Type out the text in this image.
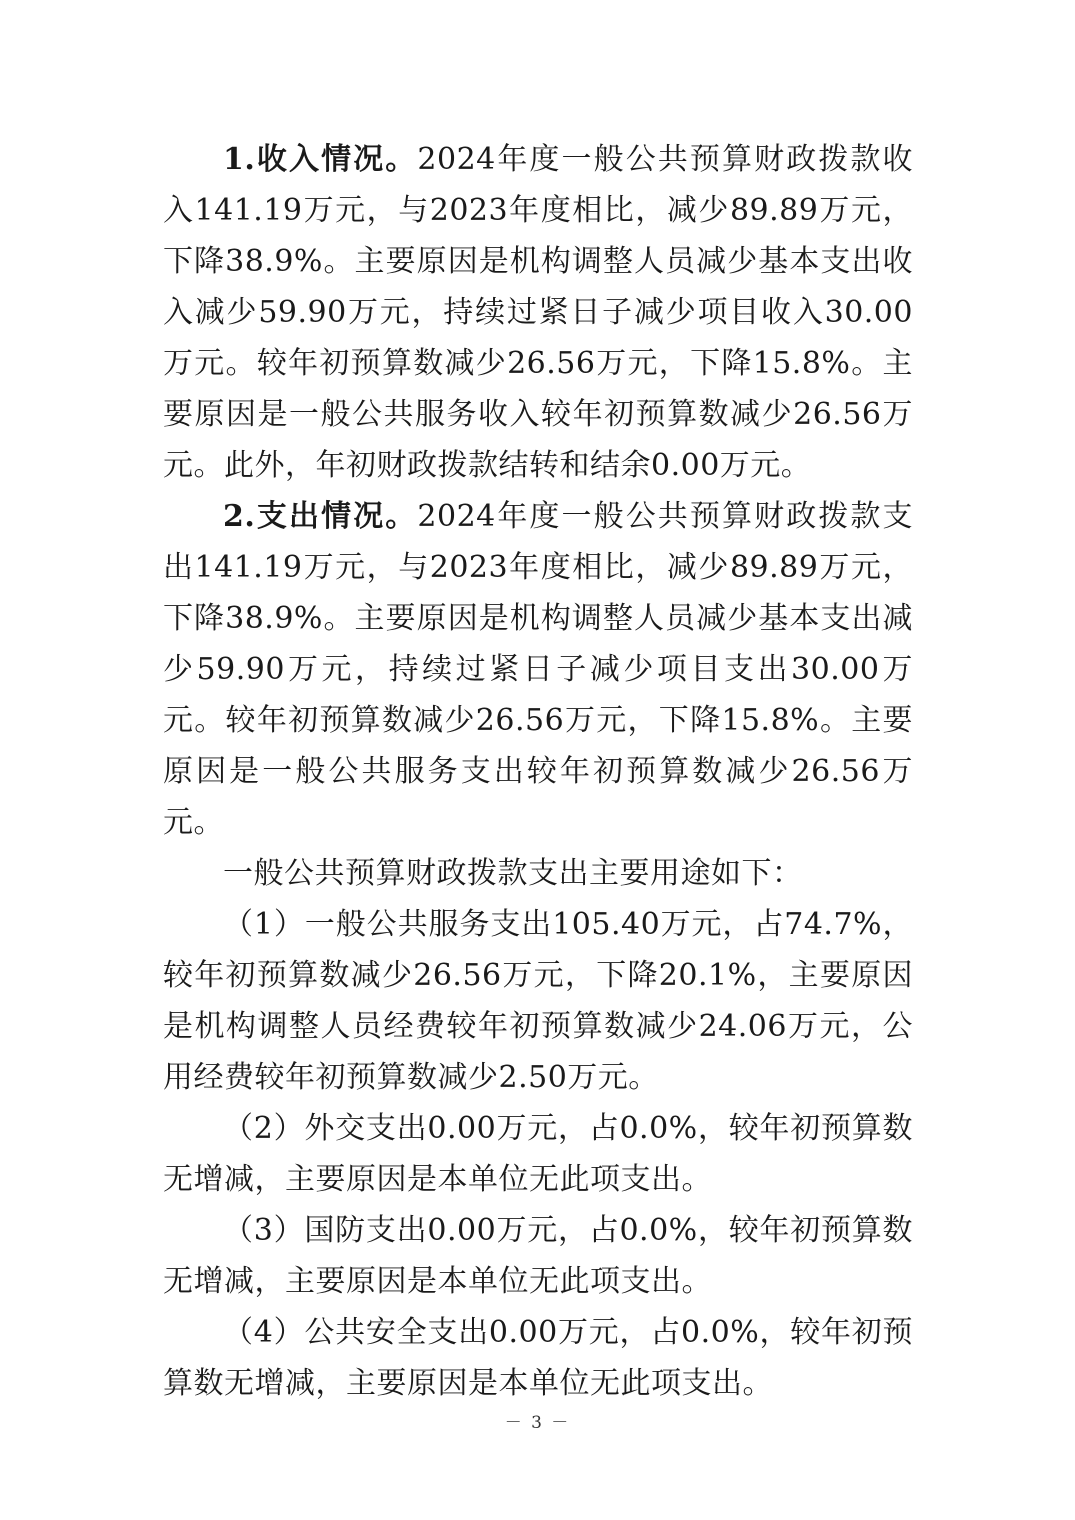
1.收入情况。2024年度一般公共预算财政拨款收入141.19万元，与2023年度相比，减少89.89万元，下降38.9%。主要原因是机构调整人员减少基本支出收入减少59.90万元，持续过紧日子减少项目收入30.00万元。较年初预算数减少26.56万元，下降15.8%。主要原因是一般公共服务收入较年初预算数减少26.56万元。此外，年初财政拨款结转和结余0.00万元。

2.支出情况。2024年度一般公共预算财政拨款支出141.19万元，与2023年度相比，减少89.89万元，下降38.9%。主要原因是机构调整人员减少基本支出减少59.90万元，持续过紧日子减少项目支出30.00万元。较年初预算数减少26.56万元，下降15.8%。主要原因是一般公共服务支出较年初预算数减少26.56万元。

一般公共预算财政拨款支出主要用途如下：

（1）一般公共服务支出105.40万元，占74.7%，较年初预算数减少26.56万元，下降20.1%，主要原因是机构调整人员经费较年初预算数减少24.06万元，公用经费较年初预算数减少2.50万元。

（2）外交支出0.00万元，占0.0%，较年初预算数无增减，主要原因是本单位无此项支出。

（3）国防支出0.00万元，占0.0%，较年初预算数无增减，主要原因是本单位无此项支出。

（4）公共安全支出0.00万元，占0.0%，较年初预算数无增减，主要原因是本单位无此项支出。

－ 3 －
